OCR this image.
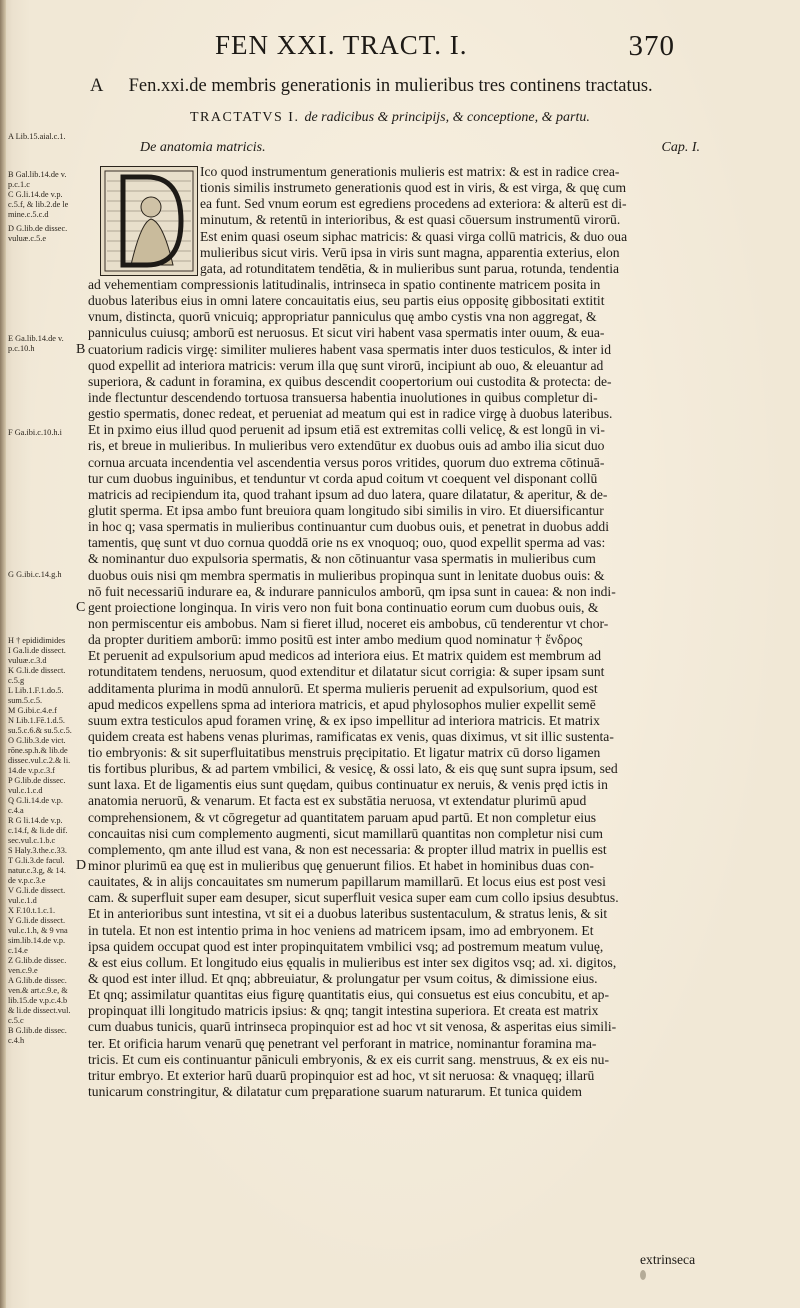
FEN XXI. TRACT. I.	370
A Fen.xxi.de membris generationis in mulieribus tres continens tractatus.
TRACTATVS I. de radicibus & principijs, & conceptione, & partu.
De anatomia matricis.	Cap. I.
Ico quod instrumentum generationis mulieris est matrix: & est in radice crea-
tionis similis instrumeto generationis quod est in viris, & est virga, & quę cum
ea funt. Sed vnum eorum est egrediens procedens ad exteriora: & alterū est di-
minutum, & retentū in interioribus, & est quasi cōuersum instrumentū virorū.
Est enim quasi oseum siphac matricis: & quasi virga collū matricis, & duo oua
mulieribus sicut viris. Verū ipsa in viris sunt magna, apparentia exterius, elon
gata, ad rotunditatem tendētia, & in mulieribus sunt parua, rotunda, tendentia
ad vehementiam compressionis latitudinalis, intrinseca in spatio continente matricem posita in
duobus lateribus eius in omni latere concauitatis eius, seu partis eius oppositę gibbositati extitit
vnum, distincta, quorū vnicuiq; appropriatur panniculus quę ambo cystis vna non aggregat, &
panniculus cuiusq; amborū est neruosus. Et sicut viri habent vasa spermatis inter ouum, & eua-
cuatorium radicis virgę: similiter mulieres habent vasa spermatis inter duos testiculos, & inter id
B
quod expellit ad interiora matricis: verum illa quę sunt virorū, incipiunt ab ouo, & eleuantur ad
superiora, & cadunt in foramina, ex quibus descendit coopertorium oui custodita & protecta: de-
inde flectuntur descendendo tortuosa transuersa habentia inuolutiones in quibus completur di-
gestio spermatis, donec redeat, et perueniat ad meatum qui est in radice virgę à duobus lateribus.
Et in pximo eius illud quod peruenit ad ipsum etiā est extremitas colli velicę, & est longū in vi-
ris, et breue in mulieribus. In mulieribus vero extendūtur ex duobus ouis ad ambo ilia sicut duo
cornua arcuata incendentia vel ascendentia versus poros vritides, quorum duo extrema cōtinuā-
tur cum duobus inguinibus, et tenduntur vt corda apud coitum vt coequent vel disponant collū
matricis ad recipiendum ita, quod trahant ipsum ad duo latera, quare dilatatur, & aperitur, & de-
glutit sperma. Et ipsa ambo funt breuiora quam longitudo sibi similis in viro. Et diuersificantur
in hoc q; vasa spermatis in mulieribus continuantur cum duobus ouis, et penetrat in duobus addi
tamentis, quę sunt vt duo cornua quoddā orie ns ex vnoquoq; ouo, quod expellit sperma ad vas:
& nominantur duo expulsoria spermatis, & non cōtinuantur vasa spermatis in mulieribus cum
duobus ouis nisi qm membra spermatis in mulieribus propinqua sunt in lenitate duobus ouis: &
nō fuit necessariū indurare ea, & indurare panniculos amborū, qm ipsa sunt in cauea: & non indi-
gent proiectione longinqua. In viris vero non fuit bona continuatio eorum cum duobus ouis, &
C
non permiscentur eis ambobus. Nam si fieret illud, noceret eis ambobus, cū tenderentur vt chor-
da propter duritiem amborū: immo positū est inter ambo medium quod nominatur † ἔνδρος
Et peruenit ad expulsorium apud medicos ad interiora eius. Et matrix quidem est membrum ad
rotunditatem tendens, neruosum, quod extenditur et dilatatur sicut corrigia: & super ipsam sunt
additamenta plurima in modū annulorū. Et sperma mulieris peruenit ad expulsorium, quod est
apud medicos expellens spma ad interiora matricis, et apud phylosophos mulier expellit semē
suum extra testiculos apud foramen vrinę, & ex ipso impellitur ad interiora matricis. Et matrix
quidem creata est habens venas plurimas, ramificatas ex venis, quas diximus, vt sit illic sustenta-
tio embryonis: & sit superfluitatibus menstruis pręcipitatio. Et ligatur matrix cū dorso ligamen
tis fortibus pluribus, & ad partem vmbilici, & vesicę, & ossi lato, & eis quę sunt supra ipsum, sed
sunt laxa. Et de ligamentis eius sunt quędam, quibus continuatur ex neruis, & venis pręd ictis in
anatomia neruorū, & venarum. Et facta est ex substātia neruosa, vt extendatur plurimū apud
comprehensionem, & vt cōgregetur ad quantitatem paruam apud partū. Et non completur eius
concauitas nisi cum complemento augmenti, sicut mamillarū quantitas non completur nisi cum
complemento, qm ante illud est vana, & non est necessaria: & propter illud matrix in puellis est
minor plurimū ea quę est in mulieribus quę genuerunt filios. Et habet in hominibus duas con-
D
cauitates, & in alijs concauitates sm numerum papillarum mamillarū. Et locus eius est post vesi
cam. & superfluit super eam desuper, sicut superfluit vesica super eam cum collo ipsius desubtus.
Et in anterioribus sunt intestina, vt sit ei a duobus lateribus sustentaculum, & stratus lenis, & sit
in tutela. Et non est intentio prima in hoc veniens ad matricem ipsam, imo ad embryonem. Et
ipsa quidem occupat quod est inter propinquitatem vmbilici vsq; ad postremum meatum vuluę,
& est eius collum. Et longitudo eius ęqualis in mulieribus est inter sex digitos vsq; ad. xi. digitos,
& quod est inter illud. Et qnq; abbreuiatur, & prolungatur per vsum coitus, & dimissione eius.
Et qnq; assimilatur quantitas eius figurę quantitatis eius, qui consuetus est eius concubitu, et ap-
propinquat illi longitudo matricis ipsius: & qnq; tangit intestina superiora. Et creata est matrix
cum duabus tunicis, quarū intrinseca propinquior est ad hoc vt sit venosa, & asperitas eius simili-
ter. Et orificia harum venarū quę penetrant vel perforant in matrice, nominantur foramina ma-
tricis. Et cum eis continuantur pāniculi embryonis, & ex eis currit sang. menstruus, & ex eis nu-
tritur embryo. Et exterior harū duarū propinquior est ad hoc, vt sit neruosa: & vnaquęq; illarū
tunicarum constringitur, & dilatatur cum pręparatione suarum naturarum. Et tunica quidem
A Lib.15.aial.c.1.
B Gal.lib.14.de v.
p.c.1.c
C G.li.14.de v.p.
c.5.f, & lib.2.de le
mine.c.5.c.d
D G.lib.de dissec.
vuluæ.c.5.e
E Ga.lib.14.de v.
p.c.10.h
F Ga.ibi.c.10.h.i
G G.ibi.c.14.g.h
H † epididimides
I Ga.li.de dissect.
vuluæ.c.3.d
K G.li.de dissect.
c.5.g
L Lib.1.F.1.do.5.
sum.5.c.5.
M G.ibi.c.4.e.f
N Lib.1.Fē.1.d.5.
su.5.c.6.& su.5.c.5.
O G.lib.3.de vict.
rōne.sp.h.& lib.de
dissec.vul.c.2.& li.
14.de v.p.c.3.f
P G.lib.de dissec.
vul.c.1.c.d
Q G.li.14.de v.p.
c.4.a
R G li.14.de v.p.
c.14.f, & li.de dif.
sec.vul.c.1.b.c
S Haly.3.the.c.33.
T G.li.3.de facul.
natur.c.3.g, & 14.
de v.p.c.3.e
V G.li.de dissect.
vul.c.1.d
X F.10.t.1.c.1.
Y G.li.de dissect.
vul.c.1.h, & 9 vna
sim.lib.14.de v.p.
c.14.e
Z G.lib.de dissec.
ven.c.9.e
A G.lib.de dissec.
ven.& art.c.9.e, &
lib.15.de v.p.c.4.b
& li.de dissect.vul.
c.5.c
B G.lib.de dissec.
c.4.h
extrinseca
